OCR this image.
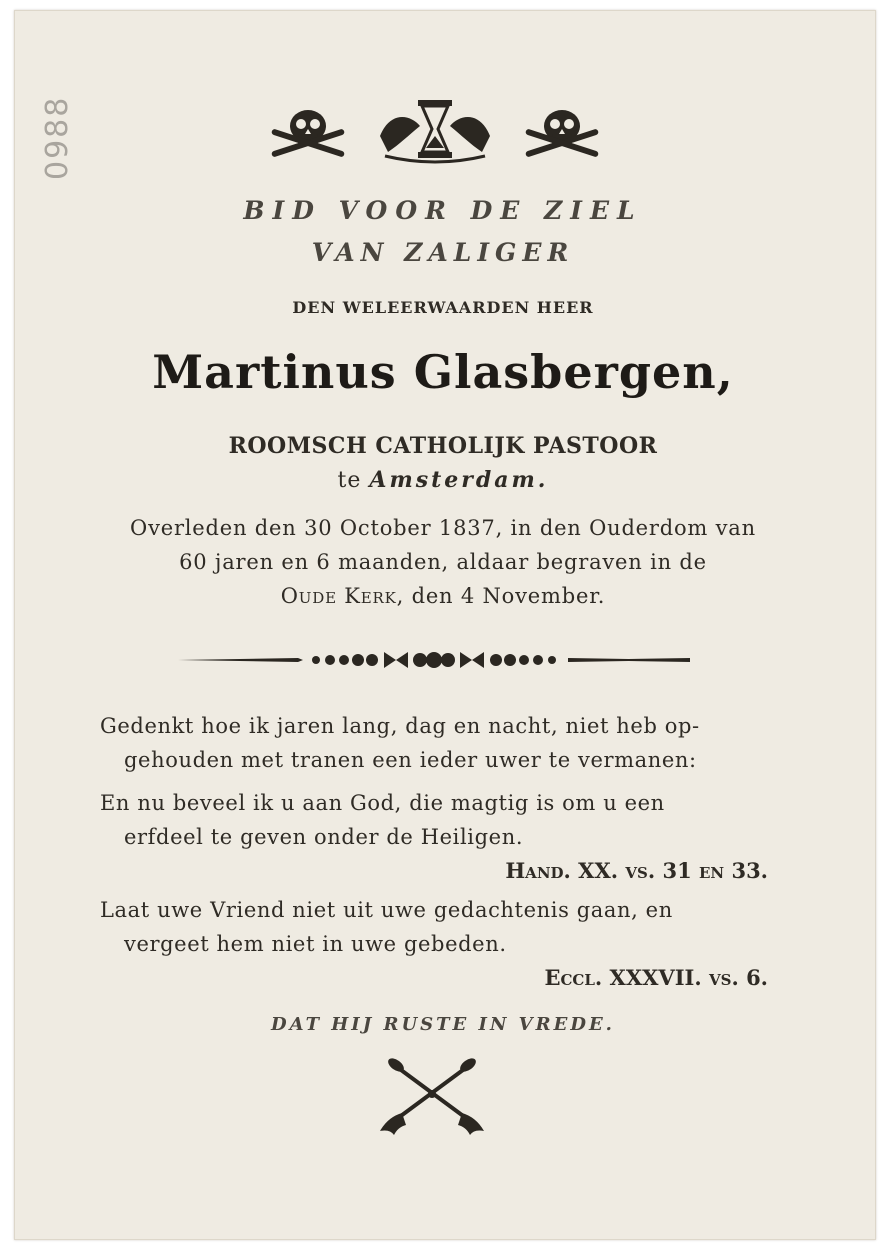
0988
BID VOOR DE ZIEL
VAN ZALIGER
DEN WELEERWAARDEN HEER
Martinus Glasbergen,
ROOMSCH CATHOLIJK PASTOOR
te Amsterdam.
Overleden den 30 October 1837, in den Ouderdom van
60 jaren en 6 maanden, aldaar begraven in de
Oude Kerk, den 4 November.
Gedenkt hoe ik jaren lang, dag en nacht, niet heb op-
gehouden met tranen een ieder uwer te vermanen:
En nu beveel ik u aan God, die magtig is om u een
erfdeel te geven onder de Heiligen.
Hand. XX. vs. 31 en 33.
Laat uwe Vriend niet uit uwe gedachtenis gaan, en
vergeet hem niet in uwe gebeden.
Eccl. XXXVII. vs. 6.
DAT HIJ RUSTE IN VREDE.
